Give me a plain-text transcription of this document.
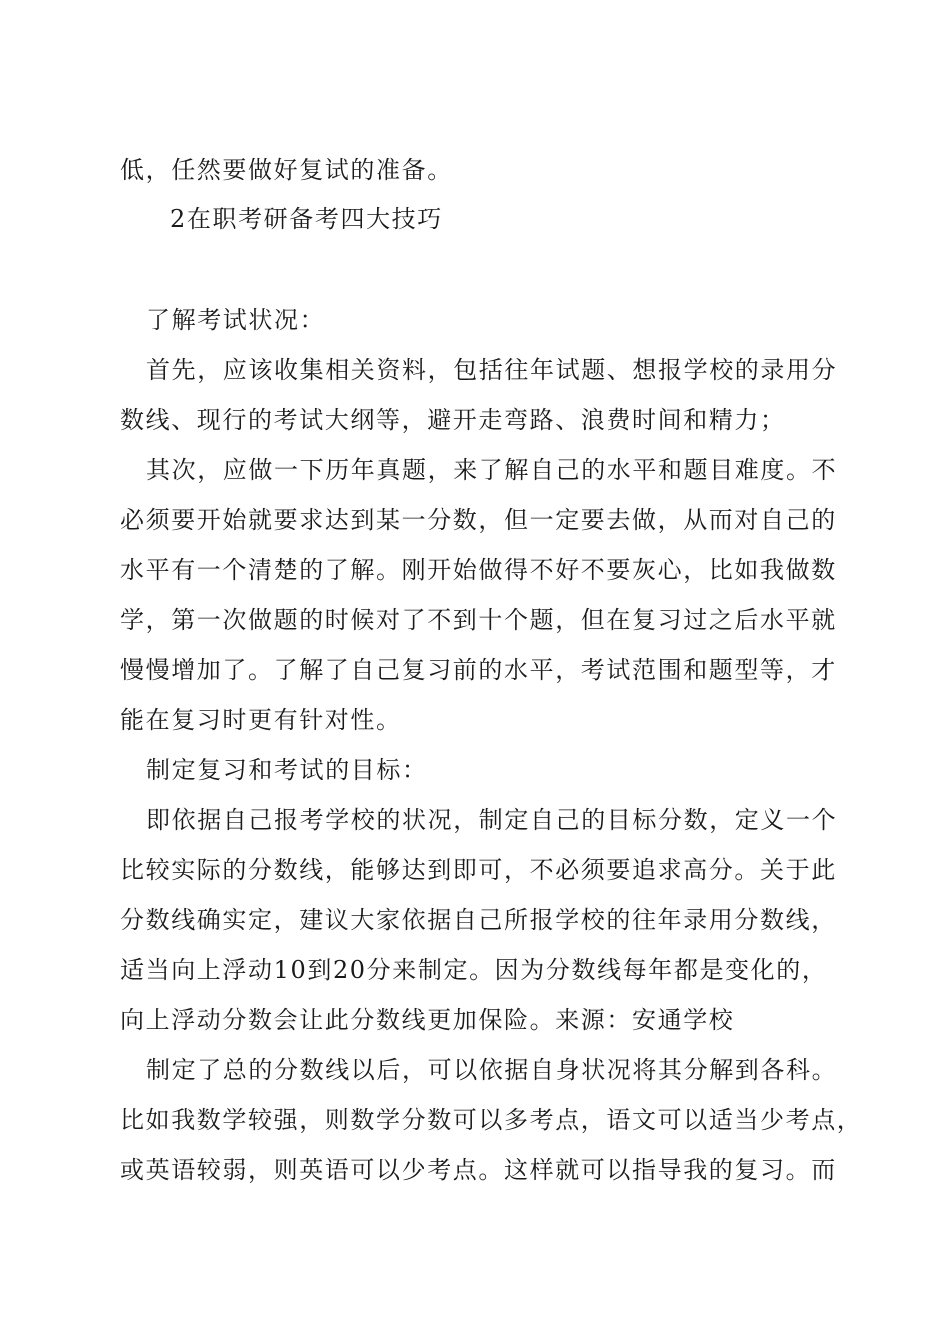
低，任然要做好复试的准备。
2在职考研备考四大技巧
了解考试状况：
首先，应该收集相关资料，包括往年试题、想报学校的录用分
数线、现行的考试大纲等，避开走弯路、浪费时间和精力；
其次，应做一下历年真题，来了解自己的水平和题目难度。不
必须要开始就要求达到某一分数，但一定要去做，从而对自己的
水平有一个清楚的了解。刚开始做得不好不要灰心，比如我做数
学，第一次做题的时候对了不到十个题，但在复习过之后水平就
慢慢增加了。了解了自己复习前的水平，考试范围和题型等，才
能在复习时更有针对性。
制定复习和考试的目标：
即依据自己报考学校的状况，制定自己的目标分数，定义一个
比较实际的分数线，能够达到即可，不必须要追求高分。关于此
分数线确实定，建议大家依据自己所报学校的往年录用分数线，
适当向上浮动10到20分来制定。因为分数线每年都是变化的，
向上浮动分数会让此分数线更加保险。来源：安通学校
制定了总的分数线以后，可以依据自身状况将其分解到各科。
比如我数学较强，则数学分数可以多考点，语文可以适当少考点，
或英语较弱，则英语可以少考点。这样就可以指导我的复习。而
